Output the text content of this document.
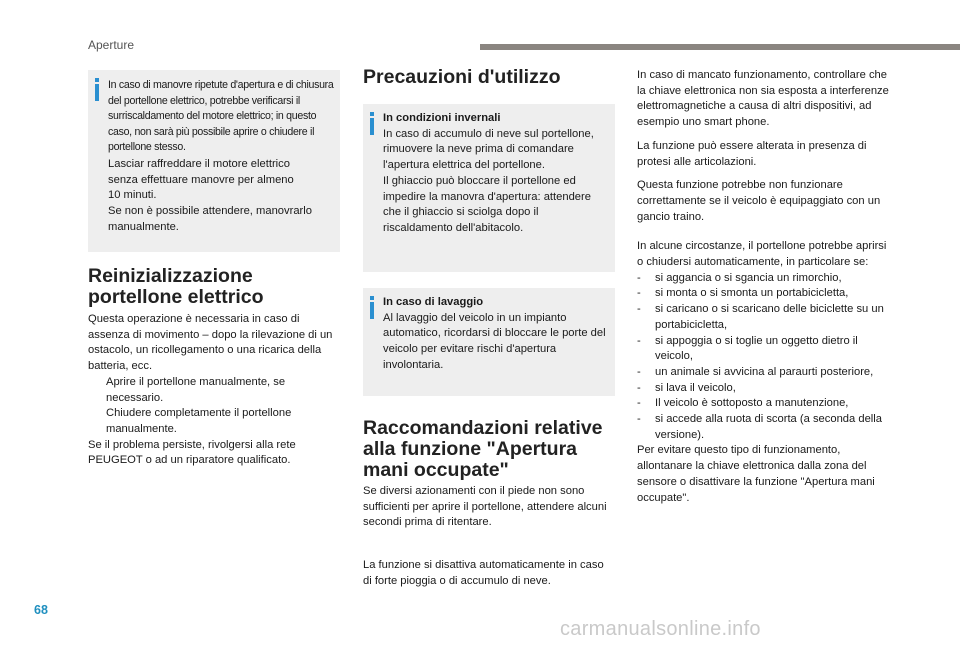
Aperture

In caso di manovre ripetute d'apertura e di chiusura del portellone elettrico, potrebbe verificarsi il surriscaldamento del motore elettrico; in questo caso, non sarà più possibile aprire o chiudere il portellone stesso.

Lasciar raffreddare il motore elettrico

senza effettuare manovre per almeno

10 minuti.

Se non è possibile attendere, manovrarlo

manualmente.

Reinizializzazione portellone elettrico

Questa operazione è necessaria in caso di assenza di movimento – dopo la rilevazione di un ostacolo, un ricollegamento o una ricarica della batteria, ecc.

Aprire il portellone manualmente, se necessario.
Chiudere completamente il portellone manualmente.

Se il problema persiste, rivolgersi alla rete PEUGEOT o ad un riparatore qualificato.

Precauzioni d'utilizzo

In condizioni invernali

In caso di accumulo di neve sul portellone, rimuovere la neve prima di comandare l'apertura elettrica del portellone.

Il ghiaccio può bloccare il portellone ed impedire la manovra d'apertura: attendere che il ghiaccio si sciolga dopo il riscaldamento dell'abitacolo.

In caso di lavaggio

Al lavaggio del veicolo in un impianto automatico, ricordarsi di bloccare le porte del veicolo per evitare rischi d'apertura involontaria.

Raccomandazioni relative alla funzione "Apertura mani occupate"

Se diversi azionamenti con il piede non sono sufficienti per aprire il portellone, attendere alcuni secondi prima di ritentare.

La funzione si disattiva automaticamente in caso di forte pioggia o di accumulo di neve.

In caso di mancato funzionamento, controllare che la chiave elettronica non sia esposta a interferenze elettromagnetiche a causa di altri dispositivi, ad esempio uno smart phone.

La funzione può essere alterata in presenza di protesi alle articolazioni.

Questa funzione potrebbe non funzionare correttamente se il veicolo è equipaggiato con un gancio traino.

In alcune circostanze, il portellone potrebbe aprirsi o chiudersi automaticamente, in particolare se:

- si aggancia o si sgancia un rimorchio,
- si monta o si smonta un portabicicletta,
- si caricano o si scaricano delle biciclette su un portabicicletta,
- si appoggia o si toglie un oggetto dietro il veicolo,
- un animale si avvicina al paraurti posteriore,
- si lava il veicolo,
- Il veicolo è sottoposto a manutenzione,
- si accede alla ruota di scorta (a seconda della versione).

Per evitare questo tipo di funzionamento, allontanare la chiave elettronica dalla zona del sensore o disattivare la funzione "Apertura mani occupate".

68
carmanualsonline.info
